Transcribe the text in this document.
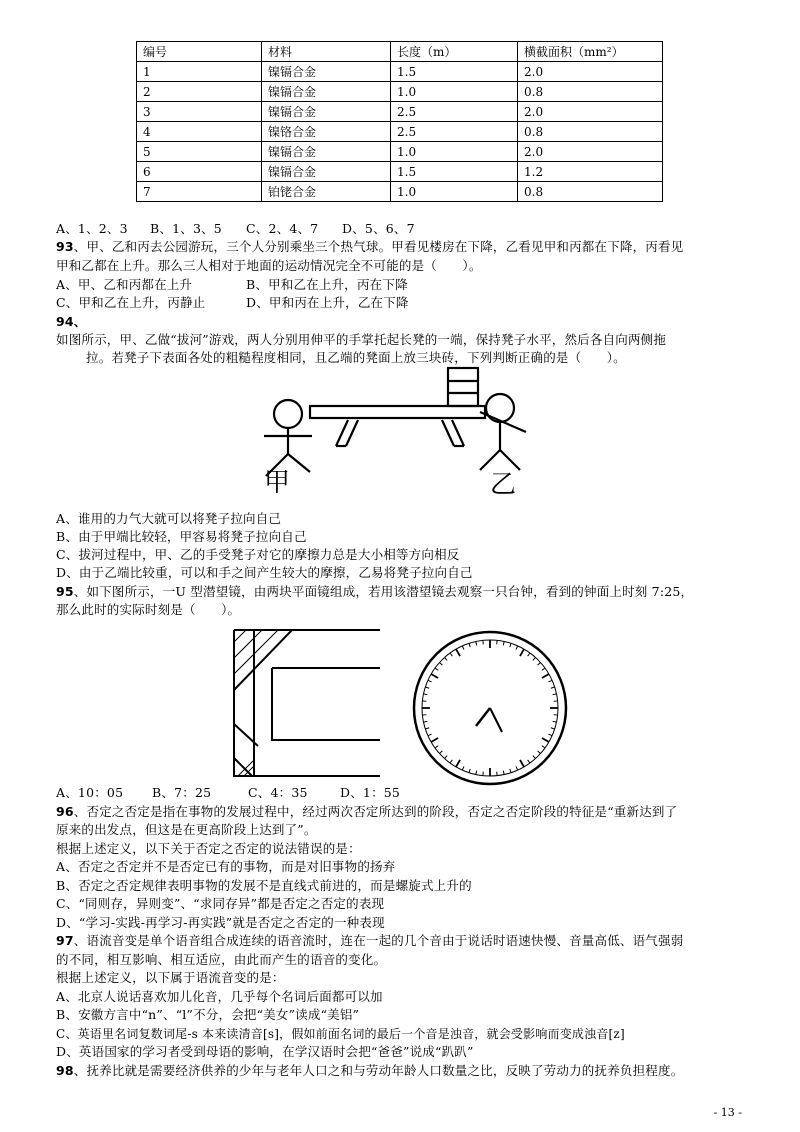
编号	材料	长度（m）	横截面积（mm²）
1	镍镉合金	1.5	2.0
2	镍镉合金	1.0	0.8
3	镍镉合金	2.5	2.0
4	镍铬合金	2.5	0.8
5	镍镉合金	1.0	2.0
6	镍镉合金	1.5	1.2
7	铂铑合金	1.0	0.8
A、1、2、3 B、1、3、5 C、2、4、7 D、5、6、7
93、甲、乙和丙去公园游玩，三个人分别乘坐三个热气球。甲看见楼房在下降，乙看见甲和丙都在下降，丙看见
甲和乙都在上升。那么三人相对于地面的运动情况完全不可能的是（　　）。
A、甲、乙和丙都在上升	B、甲和乙在上升，丙在下降
C、甲和乙在上升，丙静止	D、甲和丙在上升，乙在下降
94、
如图所示，甲、乙做“拔河”游戏，两人分别用伸平的手掌托起长凳的一端，保持凳子水平，然后各自向两侧拖
拉。若凳子下表面各处的粗糙程度相同，且乙端的凳面上放三块砖，下列判断正确的是（　　）。
甲	乙
A、谁用的力气大就可以将凳子拉向自己
B、由于甲端比较轻，甲容易将凳子拉向自己
C、拔河过程中，甲、乙的手受凳子对它的摩擦力总是大小相等方向相反
D、由于乙端比较重，可以和手之间产生较大的摩擦，乙易将凳子拉向自己
95、如下图所示，一U 型潜望镜，由两块平面镜组成，若用该潜望镜去观察一只台钟，看到的钟面上时刻 7:25，
那么此时的实际时刻是（　　）。
A、10：05 B、7：25	C、4：35	D、1：55
96、否定之否定是指在事物的发展过程中，经过两次否定所达到的阶段，否定之否定阶段的特征是“重新达到了
原来的出发点，但这是在更高阶段上达到了”。
根据上述定义，以下关于否定之否定的说法错误的是：
A、否定之否定并不是否定已有的事物，而是对旧事物的扬弃
B、否定之否定规律表明事物的发展不是直线式前进的，而是螺旋式上升的
C、“同则存，异则变”、“求同存异”都是否定之否定的表现
D、“学习-实践-再学习-再实践”就是否定之否定的一种表现
97、语流音变是单个语音组合成连续的语音流时，连在一起的几个音由于说话时语速快慢、音量高低、语气强弱
的不同，相互影响、相互适应，由此而产生的语音的变化。
根据上述定义，以下属于语流音变的是：
A、北京人说话喜欢加儿化音，几乎每个名词后面都可以加
B、安徽方言中“n”、“l”不分，会把“美女”读成“美铝”
C、英语里名词复数词尾-s 本来读清音[s]，假如前面名词的最后一个音是浊音，就会受影响而变成浊音[z]
D、英语国家的学习者受到母语的影响，在学汉语时会把“爸爸”说成“趴趴”
98、抚养比就是需要经济供养的少年与老年人口之和与劳动年龄人口数量之比，反映了劳动力的抚养负担程度。
- 13 -
